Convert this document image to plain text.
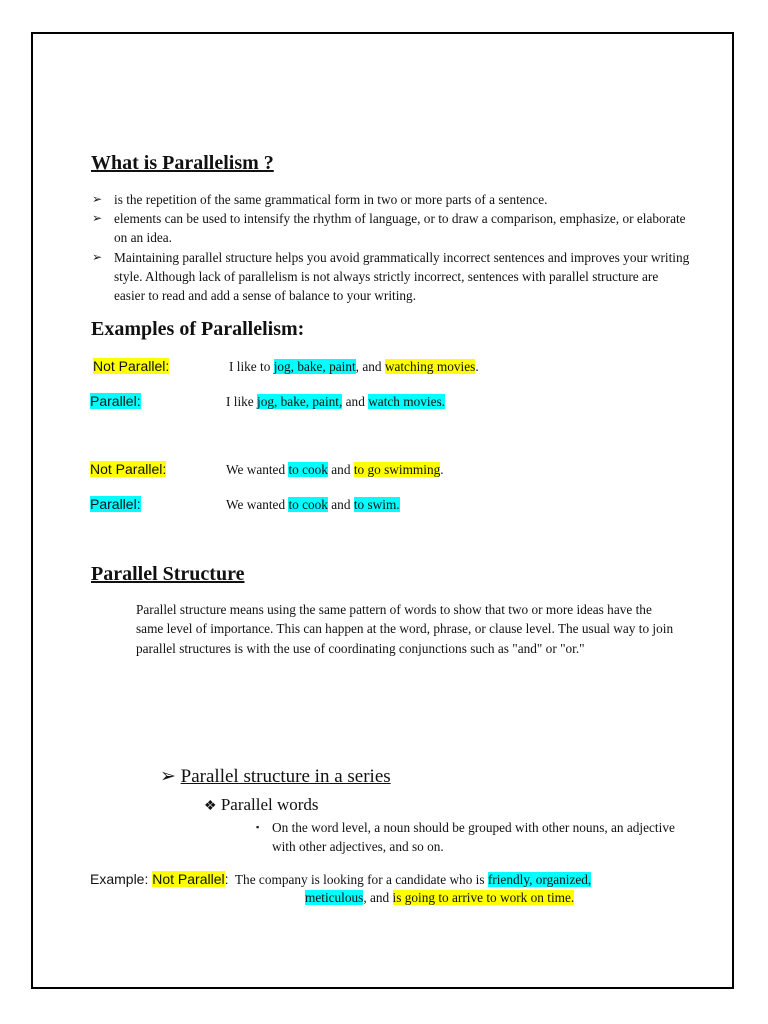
What is Parallelism ?
➢ is the repetition of the same grammatical form in two or more parts of a sentence.
➢ elements can be used to intensify the rhythm of language, or to draw a comparison, emphasize, or elaborate on an idea.
➢ Maintaining parallel structure helps you avoid grammatically incorrect sentences and improves your writing style. Although lack of parallelism is not always strictly incorrect, sentences with parallel structure are easier to read and add a sense of balance to your writing.
Examples of Parallelism:
Not Parallel:	I like to jog, bake, paint, and watching movies.
Parallel:	I like jog, bake, paint, and watch movies.
Not Parallel:	We wanted to cook and to go swimming.
Parallel:	We wanted to cook and to swim.
Parallel Structure
Parallel structure means using the same pattern of words to show that two or more ideas have the same level of importance. This can happen at the word, phrase, or clause level. The usual way to join parallel structures is with the use of coordinating conjunctions such as "and" or "or."
➢ Parallel structure in a series
❖ Parallel words
▪ On the word level, a noun should be grouped with other nouns, an adjective with other adjectives, and so on.
Example: Not Parallel:  The company is looking for a candidate who is friendly, organized,
meticulous, and is going to arrive to work on time.
